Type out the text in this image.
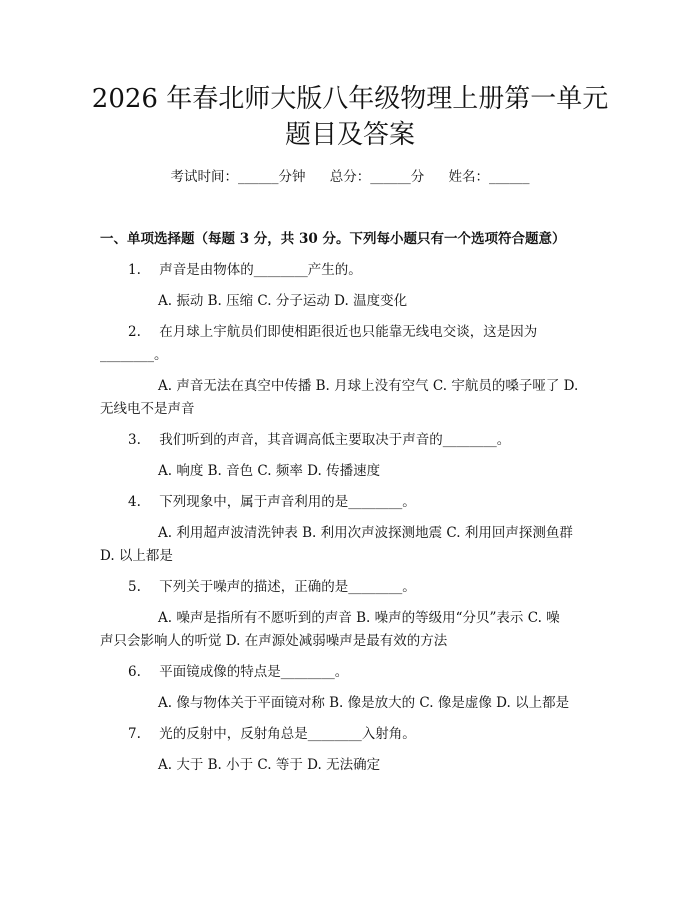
2026 年春北师大版八年级物理上册第一单元
题目及答案
考试时间：______分钟 总分：______分 姓名：______
一、单项选择题（每题 3 分，共 30 分。下列每小题只有一个选项符合题意）
1. 声音是由物体的________产生的。
A. 振动 B. 压缩 C. 分子运动 D. 温度变化
2. 在月球上宇航员们即使相距很近也只能靠无线电交谈，这是因为
________。
A. 声音无法在真空中传播 B. 月球上没有空气 C. 宇航员的嗓子哑了 D.
无线电不是声音
3. 我们听到的声音，其音调高低主要取决于声音的________。
A. 响度 B. 音色 C. 频率 D. 传播速度
4. 下列现象中，属于声音利用的是________。
A. 利用超声波清洗钟表 B. 利用次声波探测地震 C. 利用回声探测鱼群
D. 以上都是
5. 下列关于噪声的描述，正确的是________。
A. 噪声是指所有不愿听到的声音 B. 噪声的等级用“分贝”表示 C. 噪
声只会影响人的听觉 D. 在声源处减弱噪声是最有效的方法
6. 平面镜成像的特点是________。
A. 像与物体关于平面镜对称 B. 像是放大的 C. 像是虚像 D. 以上都是
7. 光的反射中，反射角总是________入射角。
A. 大于 B. 小于 C. 等于 D. 无法确定
